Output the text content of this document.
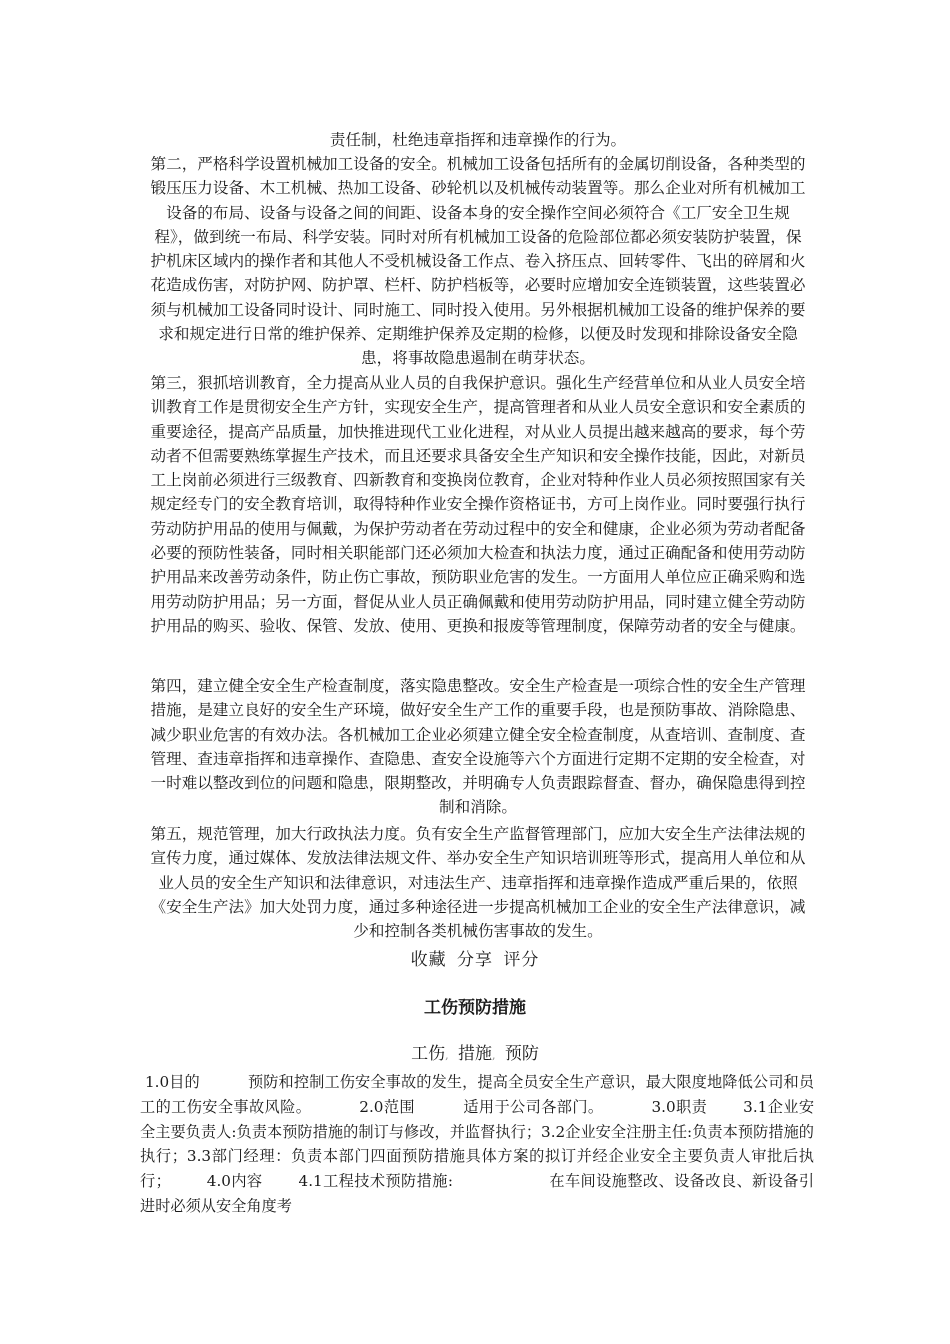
责任制，杜绝违章指挥和违章操作的行为。

第二，严格科学设置机械加工设备的安全。机械加工设备包括所有的金属切削设备，各种类型的锻压压力设备、木工机械、热加工设备、砂轮机以及机械传动装置等。那么企业对所有机械加工设备的布局、设备与设备之间的间距、设备本身的安全操作空间必须符合《工厂安全卫生规程》，做到统一布局、科学安装。同时对所有机械加工设备的危险部位都必须安装防护装置，保护机床区域内的操作者和其他人不受机械设备工作点、卷入挤压点、回转零件、飞出的碎屑和火花造成伤害，对防护网、防护罩、栏杆、防护档板等，必要时应增加安全连锁装置，这些装置必须与机械加工设备同时设计、同时施工、同时投入使用。另外根据机械加工设备的维护保养的要求和规定进行日常的维护保养、定期维护保养及定期的检修，以便及时发现和排除设备安全隐患，将事故隐患遏制在萌芽状态。

第三，狠抓培训教育，全力提高从业人员的自我保护意识。强化生产经营单位和从业人员安全培训教育工作是贯彻安全生产方针，实现安全生产，提高管理者和从业人员安全意识和安全素质的重要途径，提高产品质量，加快推进现代工业化进程，对从业人员提出越来越高的要求，每个劳动者不但需要熟练掌握生产技术，而且还要求具备安全生产知识和安全操作技能，因此，对新员工上岗前必须进行三级教育、四新教育和变换岗位教育，企业对特种作业人员必须按照国家有关规定经专门的安全教育培训，取得特种作业安全操作资格证书，方可上岗作业。同时要强行执行劳动防护用品的使用与佩戴，为保护劳动者在劳动过程中的安全和健康，企业必须为劳动者配备必要的预防性装备，同时相关职能部门还必须加大检查和执法力度，通过正确配备和使用劳动防护用品来改善劳动条件，防止伤亡事故，预防职业危害的发生。一方面用人单位应正确采购和选用劳动防护用品；另一方面，督促从业人员正确佩戴和使用劳动防护用品，同时建立健全劳动防护用品的购买、验收、保管、发放、使用、更换和报废等管理制度，保障劳动者的安全与健康。

第四，建立健全安全生产检查制度，落实隐患整改。安全生产检查是一项综合性的安全生产管理措施，是建立良好的安全生产环境，做好安全生产工作的重要手段，也是预防事故、消除隐患、减少职业危害的有效办法。各机械加工企业必须建立健全安全检查制度，从查培训、查制度、查管理、查违章指挥和违章操作、查隐患、查安全设施等六个方面进行定期不定期的安全检查，对一时难以整改到位的问题和隐患，限期整改，并明确专人负责跟踪督查、督办，确保隐患得到控制和消除。

第五，规范管理，加大行政执法力度。负有安全生产监督管理部门，应加大安全生产法律法规的宣传力度，通过媒体、发放法律法规文件、举办安全生产知识培训班等形式，提高用人单位和从业人员的安全生产知识和法律意识，对违法生产、违章指挥和违章操作造成严重后果的，依照《安全生产法》加大处罚力度，通过多种途径进一步提高机械加工企业的安全生产法律意识，减少和控制各类机械伤害事故的发生。

收藏 分享 评分
工伤预防措施
工伤, 措施, 预防

1.0目的	预防和控制工伤安全事故的发生，提高全员安全生产意识，最大限度地降低公司和员工的工伤安全事故风险。	2.0范围	适用于公司各部门。	3.0职责 3.1企业安全主要负责人:负责本预防措施的制订与修改，并监督执行；3.2企业安全注册主任:负责本预防措施的执行；3.3部门经理：负责本部门四面预防措施具体方案的拟订并经企业安全主要负责人审批后执行； 4.0内容 4.1工程技术预防措施:	在车间设施整改、设备改良、新设备引进时必须从安全角度考
